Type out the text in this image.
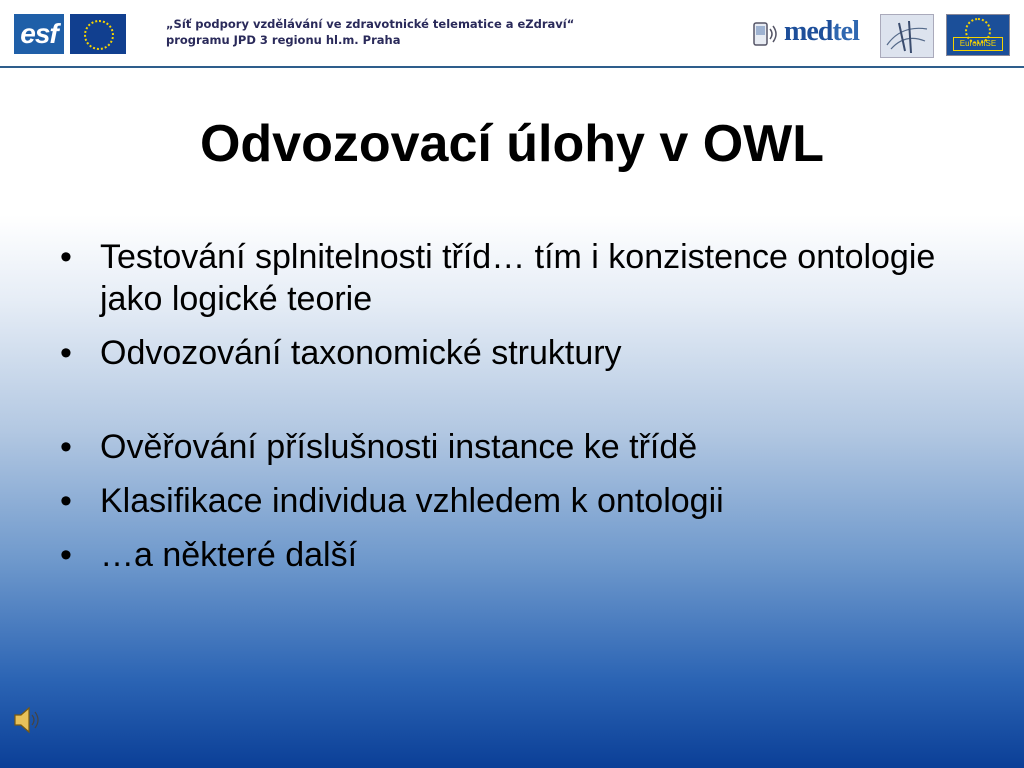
esf	„Síť podpory vzdělávání ve zdravotnické telematice a eZdraví“
programu JPD 3 regionu hl.m. Praha	medtel	EuroMISE
Odvozovací úlohy v OWL
• Testování splnitelnosti tříd… tím i konzistence ontologie jako logické teorie
• Odvozování taxonomické struktury
• Ověřování příslušnosti instance ke třídě
• Klasifikace individua vzhledem k ontologii
• …a některé další
